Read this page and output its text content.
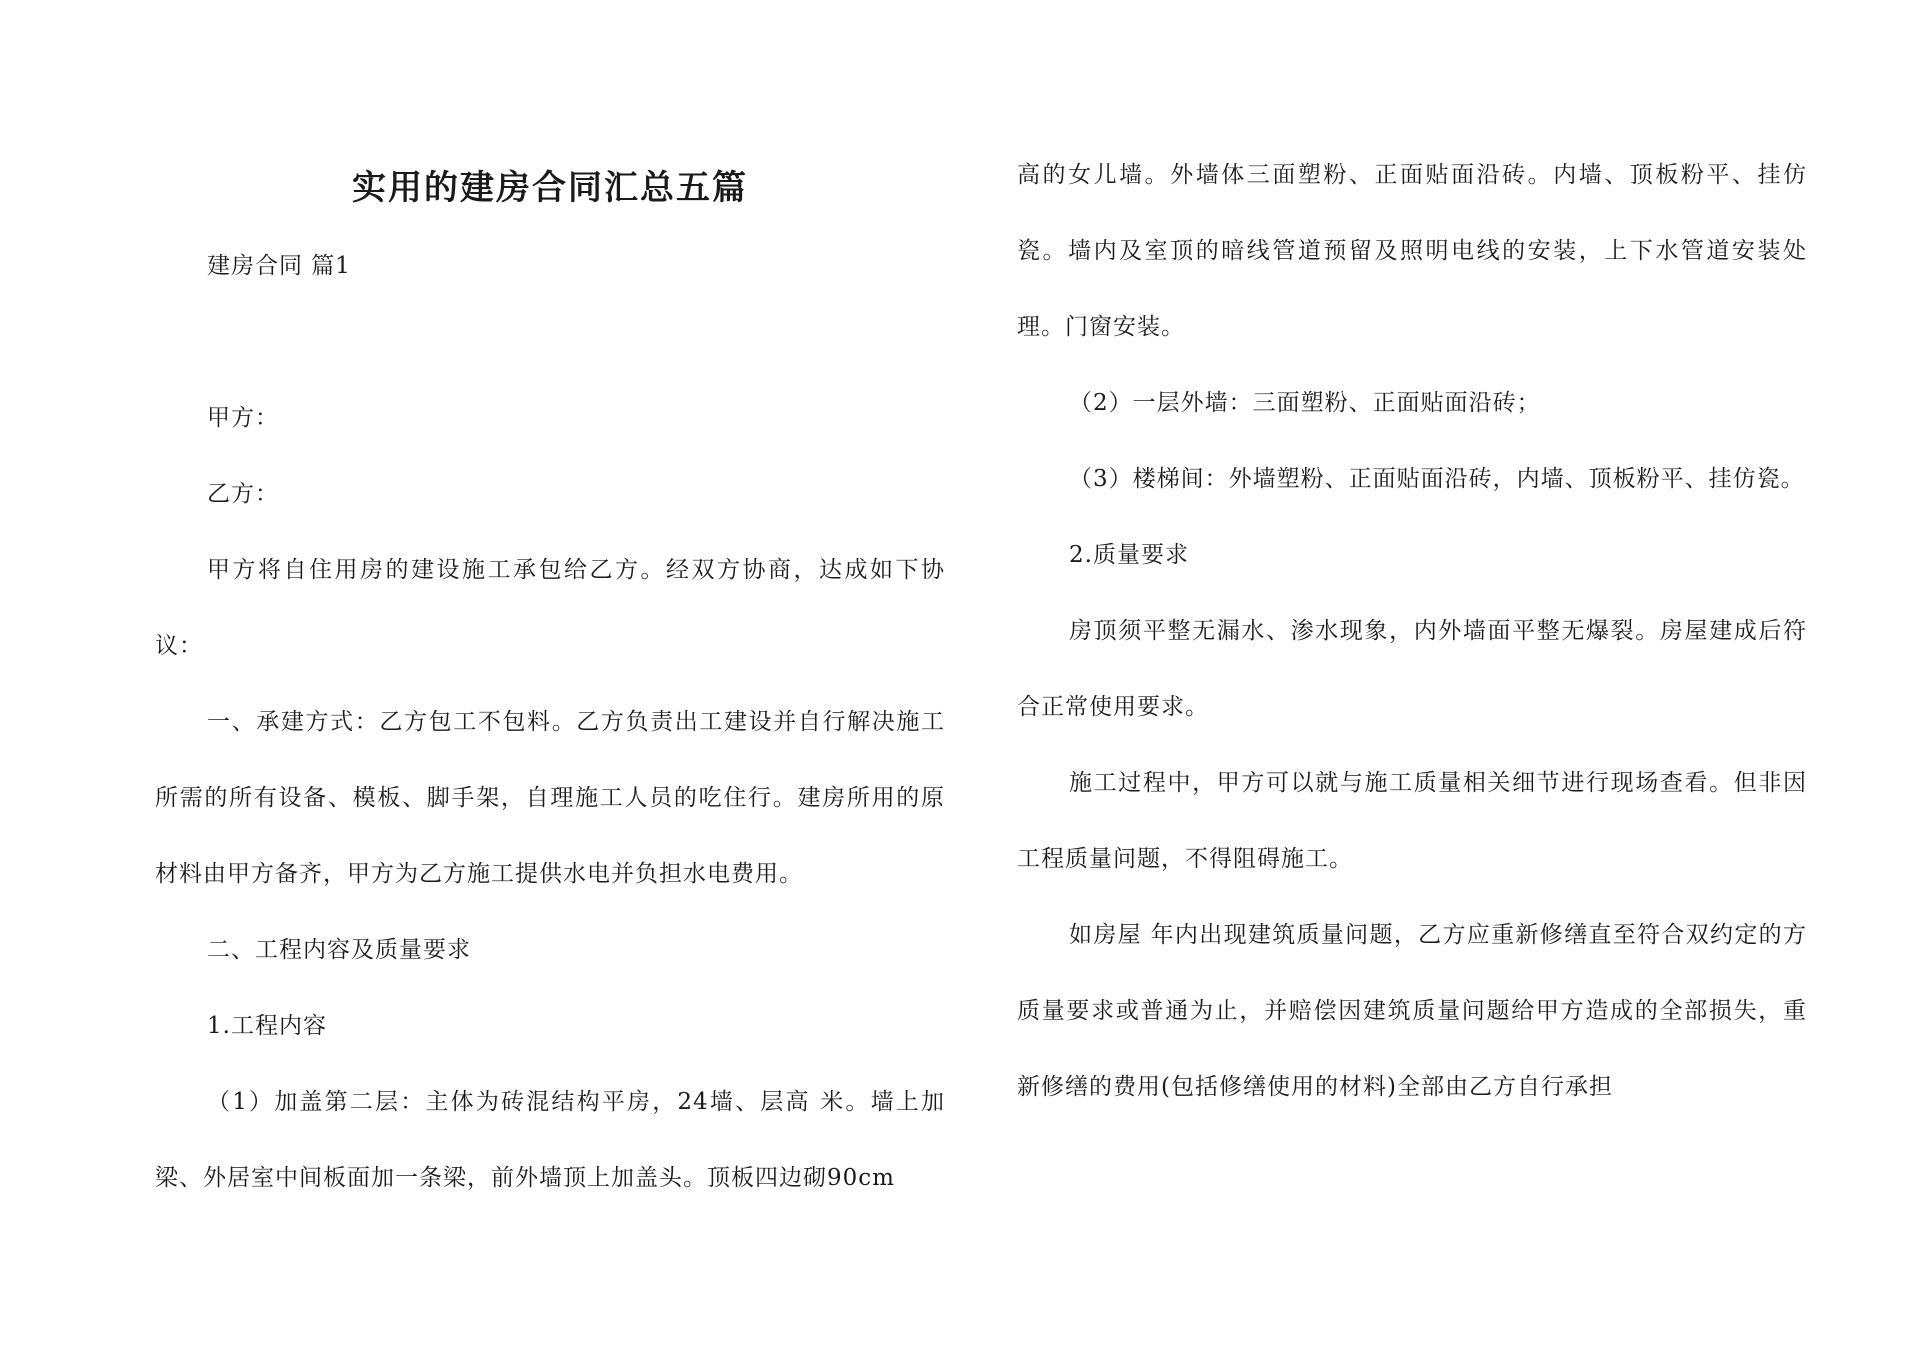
实用的建房合同汇总五篇

建房合同 篇1

甲方：

乙方：

甲方将自住用房的建设施工承包给乙方。经双方协商，达成如下协议：

一、承建方式：乙方包工不包料。乙方负责出工建设并自行解决施工所需的所有设备、模板、脚手架，自理施工人员的吃住行。建房所用的原材料由甲方备齐，甲方为乙方施工提供水电并负担水电费用。

二、工程内容及质量要求

1.工程内容

（1）加盖第二层：主体为砖混结构平房，24墙、层高 米。墙上加梁、外居室中间板面加一条梁，前外墙顶上加盖头。顶板四边砌90cm

高的女儿墙。外墙体三面塑粉、正面贴面沿砖。内墙、顶板粉平、挂仿瓷。墙内及室顶的暗线管道预留及照明电线的安装，上下水管道安装处理。门窗安装。

（2）一层外墙：三面塑粉、正面贴面沿砖；

（3）楼梯间：外墙塑粉、正面贴面沿砖，内墙、顶板粉平、挂仿瓷。

2.质量要求

房顶须平整无漏水、渗水现象，内外墙面平整无爆裂。房屋建成后符合正常使用要求。

施工过程中，甲方可以就与施工质量相关细节进行现场查看。但非因工程质量问题，不得阻碍施工。

如房屋 年内出现建筑质量问题，乙方应重新修缮直至符合双约定的方质量要求或普通为止，并赔偿因建筑质量问题给甲方造成的全部损失，重新修缮的费用(包括修缮使用的材料)全部由乙方自行承担
